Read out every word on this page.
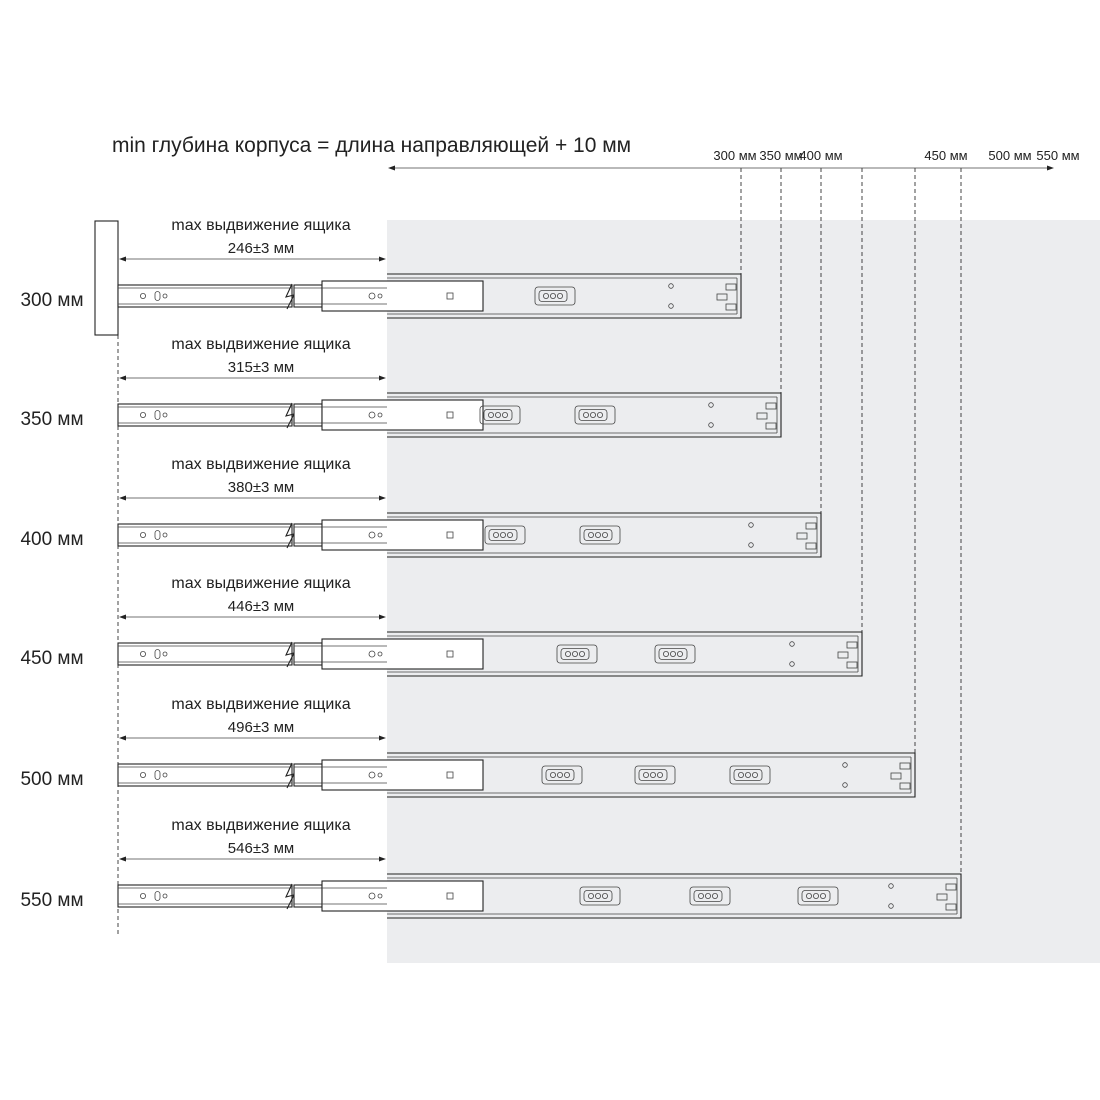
min глубина корпуса = длина направляющей + 10 мм	300 мм 350 мм
400 мм	450 мм 500 мм 550 мм
300 мм
max выдвижение ящика
246±3 мм
350 мм
max выдвижение ящика
315±3 мм
400 мм
max выдвижение ящика
380±3 мм
450 мм
max выдвижение ящика
446±3 мм
500 мм
max выдвижение ящика
496±3 мм
550 мм
max выдвижение ящика
546±3 мм
